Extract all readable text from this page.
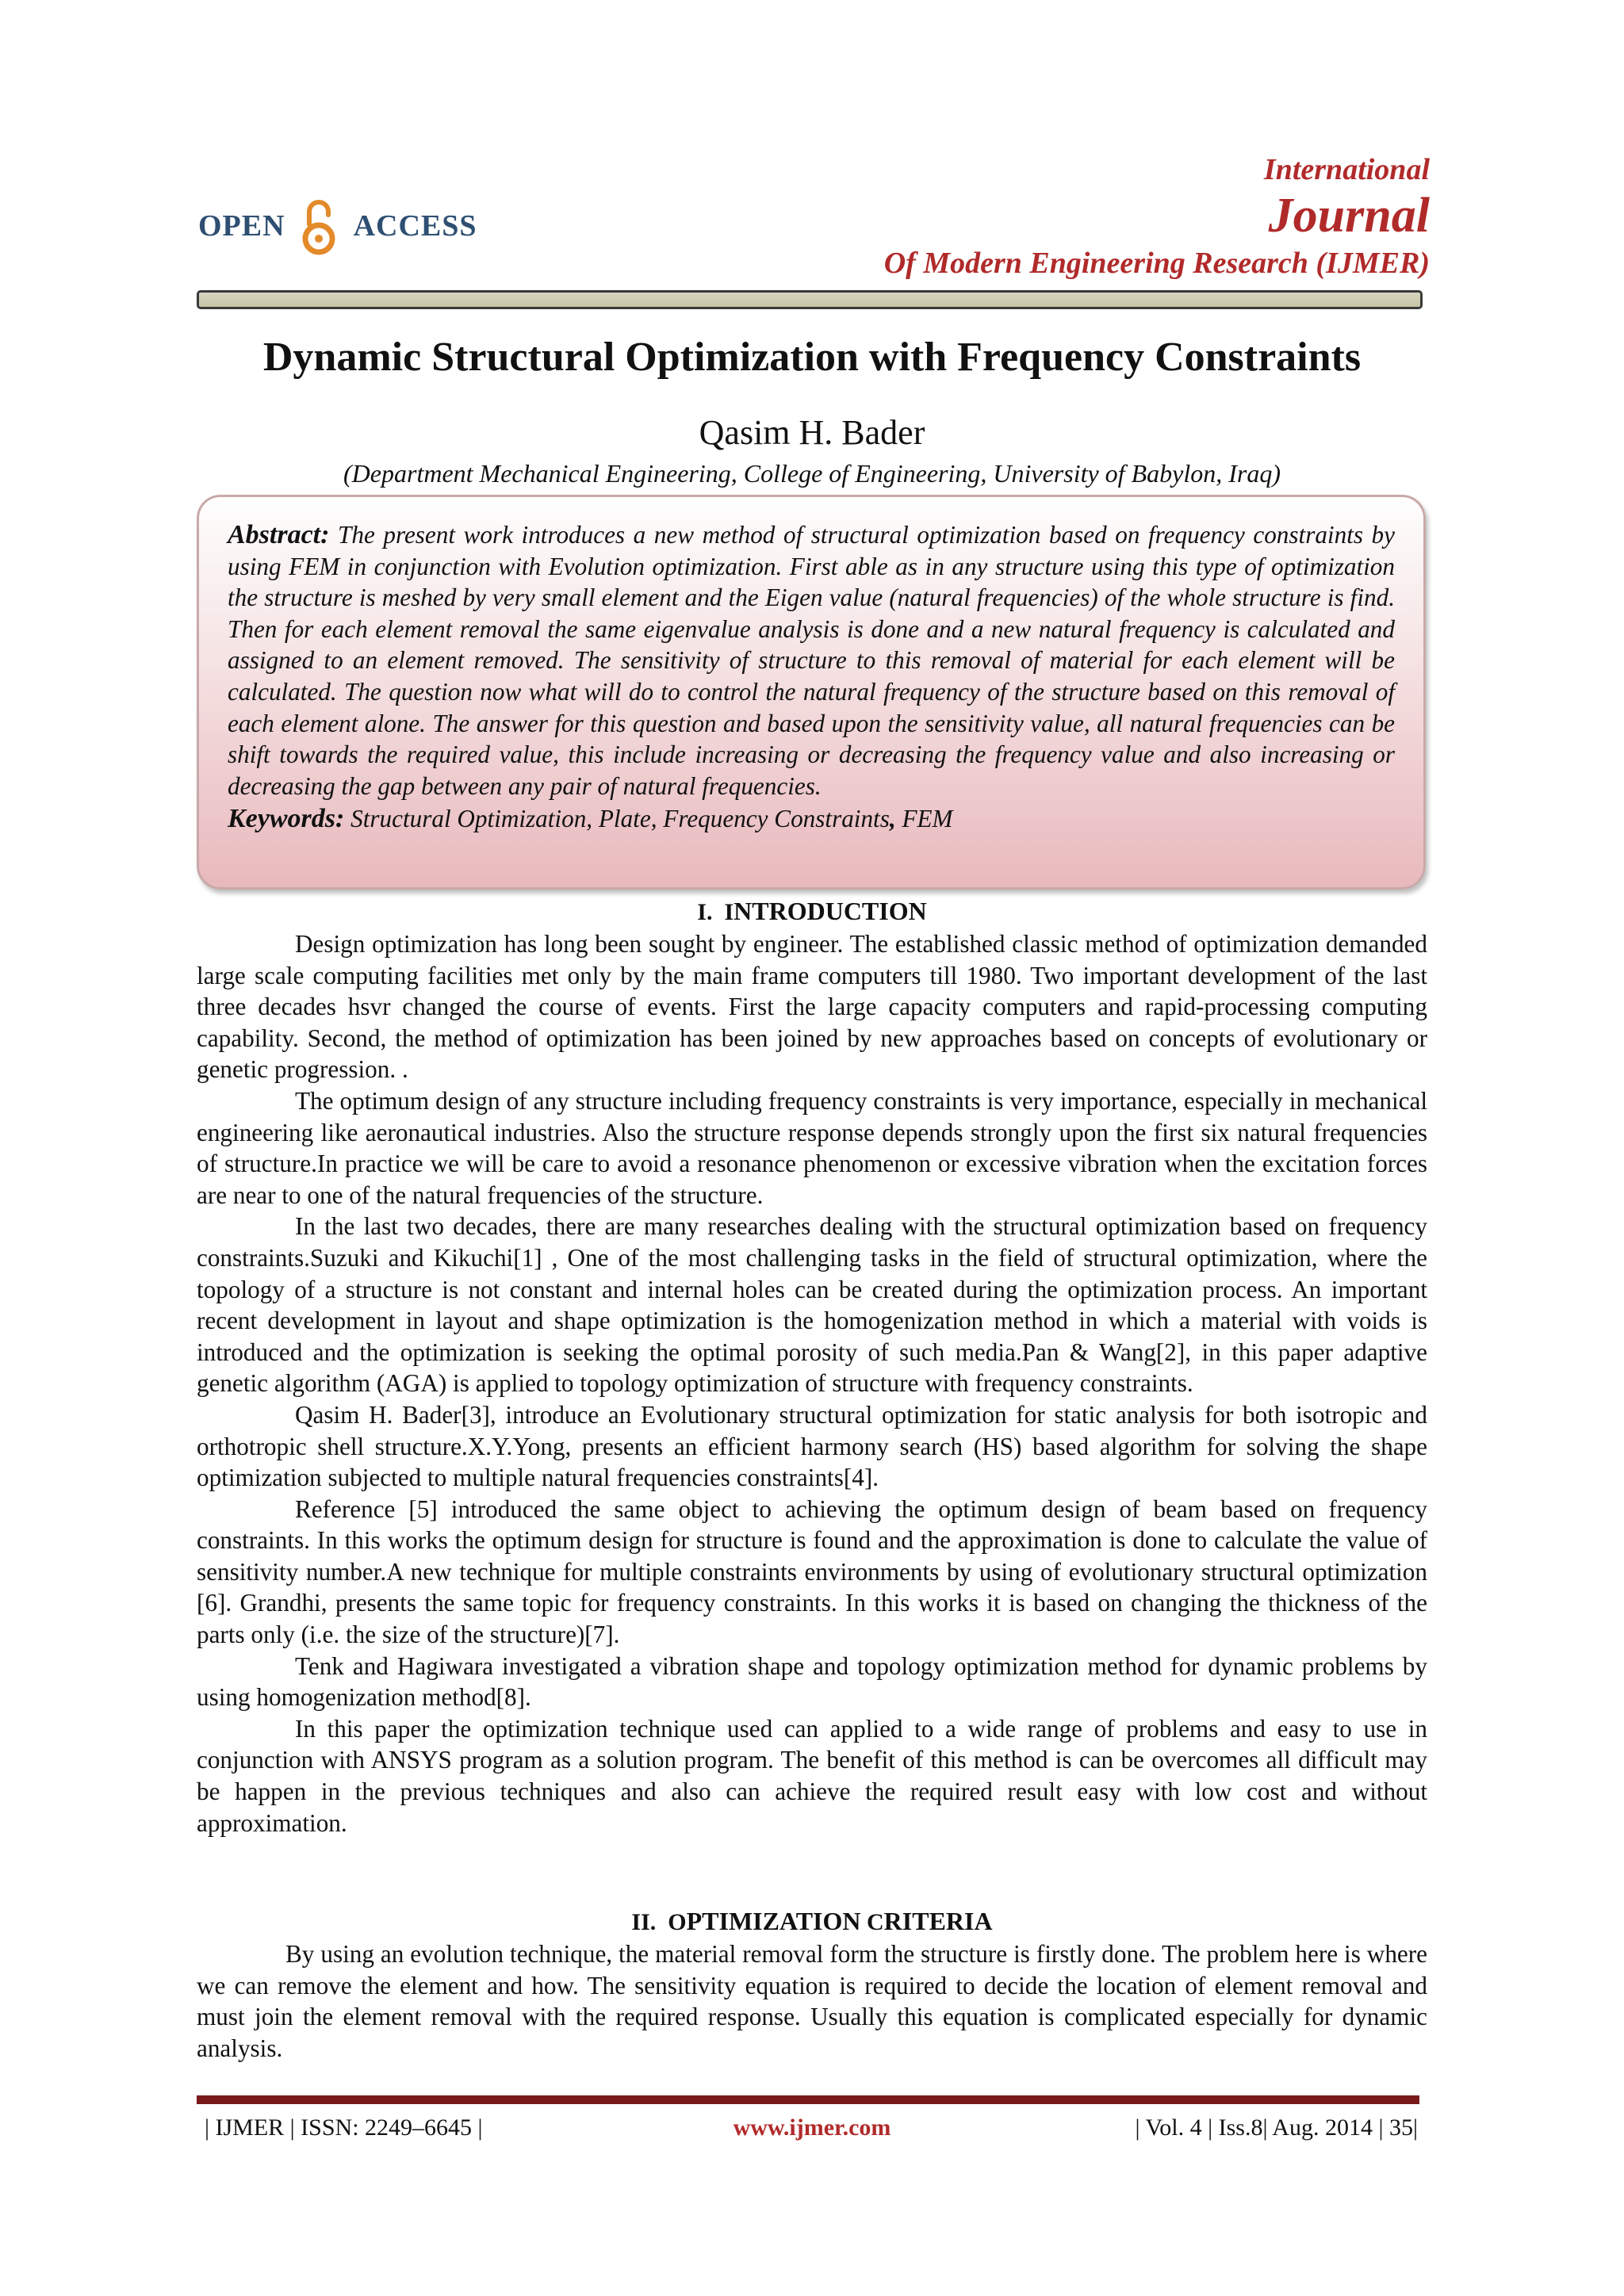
OPEN ACCESS
International
Journal
Of Modern Engineering Research (IJMER)
Dynamic Structural Optimization with Frequency Constraints
Qasim H. Bader
(Department Mechanical Engineering, College of Engineering, University of Babylon, Iraq)

Abstract: The present work introduces a new method of structural optimization based on frequency constraints by using FEM in conjunction with Evolution optimization. First able as in any structure using this type of optimization the structure is meshed by very small element and the Eigen value (natural frequencies) of the whole structure is find. Then for each element removal the same eigenvalue analysis is done and a new natural frequency is calculated and assigned to an element removed. The sensitivity of structure to this removal of material for each element will be calculated. The question now what will do to control the natural frequency of the structure based on this removal of each element alone. The answer for this question and based upon the sensitivity value, all natural frequencies can be shift towards the required value, this include increasing or decreasing the frequency value and also increasing or decreasing the gap between any pair of natural frequencies.

Keywords: Structural Optimization, Plate, Frequency Constraints, FEM

I. INTRODUCTION

Design optimization has long been sought by engineer. The established classic method of optimization demanded large scale computing facilities met only by the main frame computers till 1980. Two important development of the last three decades hsvr changed the course of events. First the large capacity computers and rapid-processing computing capability. Second, the method of optimization has been joined by new approaches based on concepts of evolutionary or genetic progression. .

The optimum design of any structure including frequency constraints is very importance, especially in mechanical engineering like aeronautical industries. Also the structure response depends strongly upon the first six natural frequencies of structure.In practice we will be care to avoid a resonance phenomenon or excessive vibration when the excitation forces are near to one of the natural frequencies of the structure.

In the last two decades, there are many researches dealing with the structural optimization based on frequency constraints.Suzuki and Kikuchi[1] , One of the most challenging tasks in the field of structural optimization, where the topology of a structure is not constant and internal holes can be created during the optimization process. An important recent development in layout and shape optimization is the homogenization method in which a material with voids is introduced and the optimization is seeking the optimal porosity of such media.Pan & Wang[2], in this paper adaptive genetic algorithm (AGA) is applied to topology optimization of structure with frequency constraints.

Qasim H. Bader[3], introduce an Evolutionary structural optimization for static analysis for both isotropic and orthotropic shell structure.X.Y.Yong, presents an efficient harmony search (HS) based algorithm for solving the shape optimization subjected to multiple natural frequencies constraints[4].

Reference [5] introduced the same object to achieving the optimum design of beam based on frequency constraints. In this works the optimum design for structure is found and the approximation is done to calculate the value of sensitivity number.A new technique for multiple constraints environments by using of evolutionary structural optimization [6]. Grandhi, presents the same topic for frequency constraints. In this works it is based on changing the thickness of the parts only (i.e. the size of the structure)[7].

Tenk and Hagiwara investigated a vibration shape and topology optimization method for dynamic problems by using homogenization method[8].

In this paper the optimization technique used can applied to a wide range of problems and easy to use in conjunction with ANSYS program as a solution program. The benefit of this method is can be overcomes all difficult may be happen in the previous techniques and also can achieve the required result easy with low cost and without approximation.

II. OPTIMIZATION CRITERIA

By using an evolution technique, the material removal form the structure is firstly done. The problem here is where we can remove the element and how. The sensitivity equation is required to decide the location of element removal and must join the element removal with the required response. Usually this equation is complicated especially for dynamic analysis.

| IJMER | ISSN: 2249–6645 |	www.ijmer.com	| Vol. 4 | Iss.8| Aug. 2014 | 35|
